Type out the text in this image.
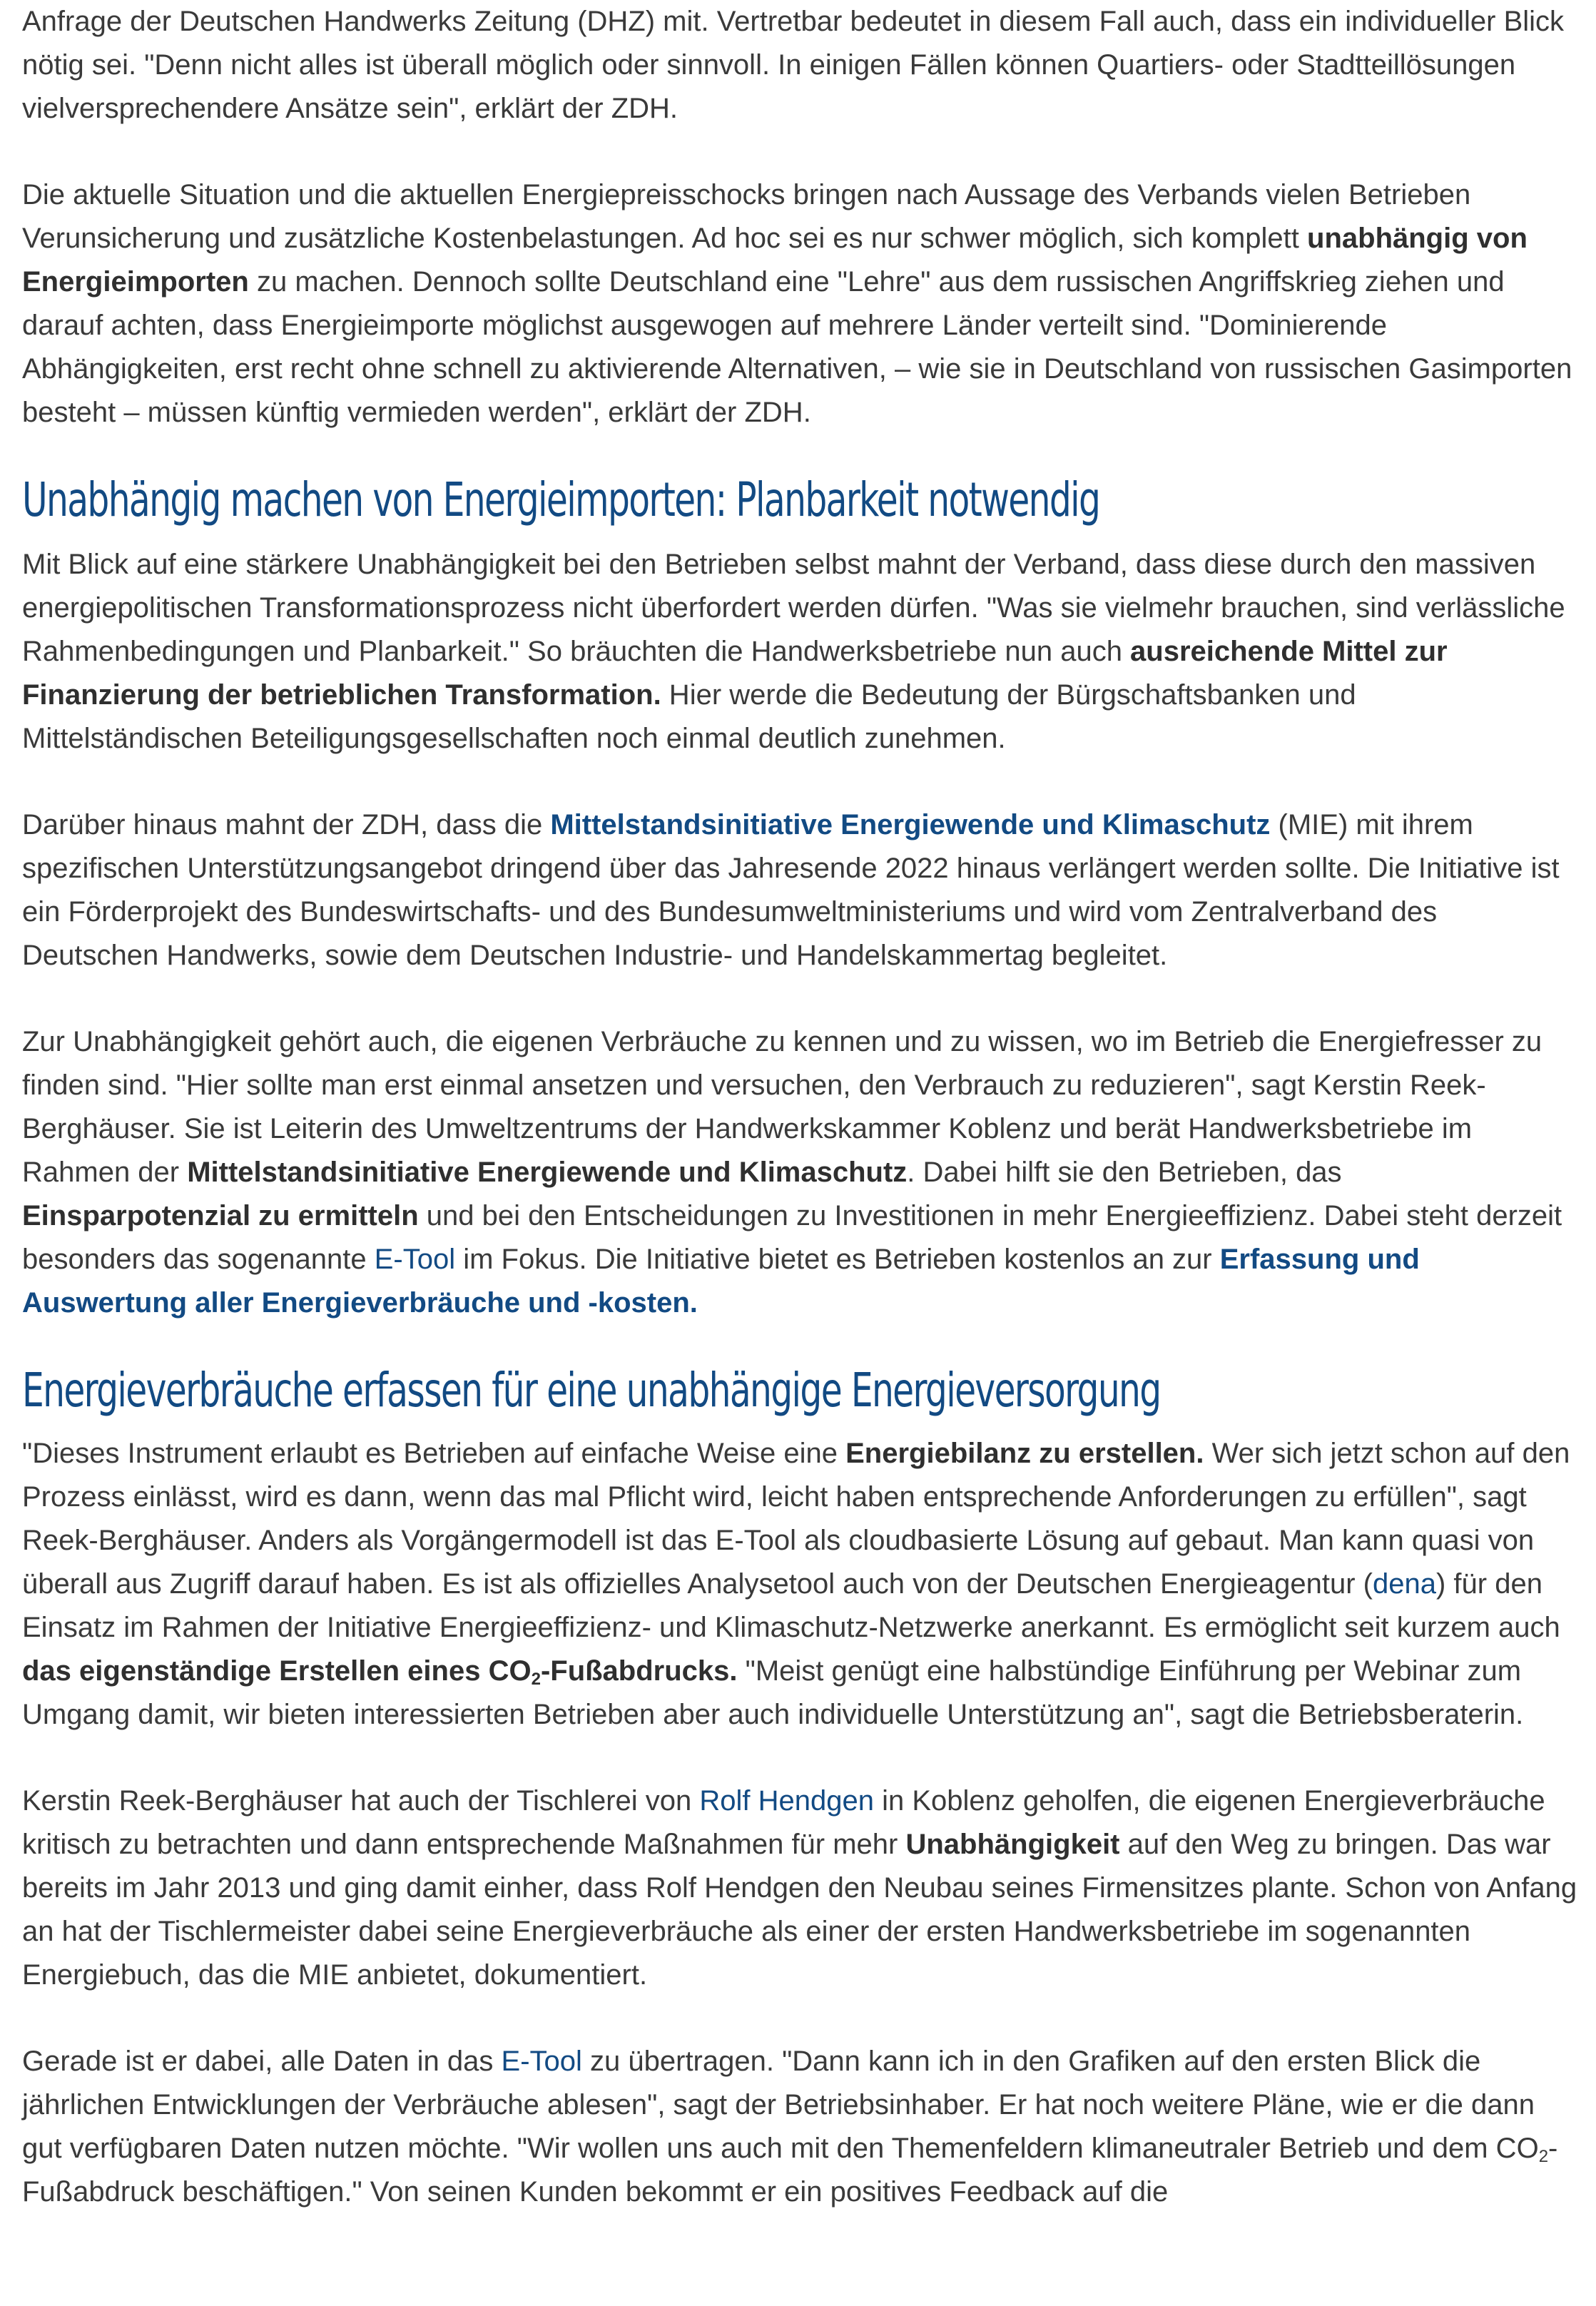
Anfrage der Deutschen Handwerks Zeitung (DHZ) mit. Vertretbar bedeutet in diesem Fall auch, dass ein individueller Blick nötig sei. "Denn nicht alles ist überall möglich oder sinnvoll. In einigen Fällen können Quartiers- oder Stadtteillösungen vielversprechendere Ansätze sein", erklärt der ZDH.

Die aktuelle Situation und die aktuellen Energiepreisschocks bringen nach Aussage des Verbands vielen Betrieben Verunsicherung und zusätzliche Kostenbelastungen. Ad hoc sei es nur schwer möglich, sich komplett unabhängig von Energieimporten zu machen. Dennoch sollte Deutschland eine "Lehre" aus dem russischen Angriffskrieg ziehen und darauf achten, dass Energieimporte möglichst ausgewogen auf mehrere Länder verteilt sind. "Dominierende Abhängigkeiten, erst recht ohne schnell zu aktivierende Alternativen, – wie sie in Deutschland von russischen Gasimporten besteht – müssen künftig vermieden werden", erklärt der ZDH.

Unabhängig machen von Energieimporten: Planbarkeit notwendig

Mit Blick auf eine stärkere Unabhängigkeit bei den Betrieben selbst mahnt der Verband, dass diese durch den massiven energiepolitischen Transformationsprozess nicht überfordert werden dürfen. "Was sie vielmehr brauchen, sind verlässliche Rahmenbedingungen und Planbarkeit." So bräuchten die Handwerksbetriebe nun auch ausreichende Mittel zur Finanzierung der betrieblichen Transformation. Hier werde die Bedeutung der Bürgschaftsbanken und Mittelständischen Beteiligungsgesellschaften noch einmal deutlich zunehmen.

Darüber hinaus mahnt der ZDH, dass die Mittelstandsinitiative Energiewende und Klimaschutz (MIE) mit ihrem spezifischen Unterstützungsangebot dringend über das Jahresende 2022 hinaus verlängert werden sollte. Die Initiative ist ein Förderprojekt des Bundeswirtschafts- und des Bundesumweltministeriums und wird vom Zentralverband des Deutschen Handwerks, sowie dem Deutschen Industrie- und Handelskammertag begleitet.

Zur Unabhängigkeit gehört auch, die eigenen Verbräuche zu kennen und zu wissen, wo im Betrieb die Energiefresser zu finden sind. "Hier sollte man erst einmal ansetzen und versuchen, den Verbrauch zu reduzieren", sagt Kerstin Reek-Berghäuser. Sie ist Leiterin des Umweltzentrums der Handwerkskammer Koblenz und berät Handwerksbetriebe im Rahmen der Mittelstandsinitiative Energiewende und Klimaschutz. Dabei hilft sie den Betrieben, das Einsparpotenzial zu ermitteln und bei den Entscheidungen zu Investitionen in mehr Energieeffizienz. Dabei steht derzeit besonders das sogenannte E-Tool im Fokus. Die Initiative bietet es Betrieben kostenlos an zur Erfassung und Auswertung aller Energieverbräuche und -kosten.

Energieverbräuche erfassen für eine unabhängige Energieversorgung

"Dieses Instrument erlaubt es Betrieben auf einfache Weise eine Energiebilanz zu erstellen. Wer sich jetzt schon auf den Prozess einlässt, wird es dann, wenn das mal Pflicht wird, leicht haben entsprechende Anforderungen zu erfüllen", sagt Reek-Berghäuser. Anders als Vorgängermodell ist das E-Tool als cloudbasierte Lösung auf gebaut. Man kann quasi von überall aus Zugriff darauf haben. Es ist als offizielles Analysetool auch von der Deutschen Energieagentur (dena) für den Einsatz im Rahmen der Initiative Energieeffizienz- und Klimaschutz-Netzwerke anerkannt. Es ermöglicht seit kurzem auch das eigenständige Erstellen eines $CO_2$-Fußabdrucks. "Meist genügt eine halbstündige Einführung per Webinar zum Umgang damit, wir bieten interessierten Betrieben aber auch individuelle Unterstützung an", sagt die Betriebsberaterin.

Kerstin Reek-Berghäuser hat auch der Tischlerei von Rolf Hendgen in Koblenz geholfen, die eigenen Energieverbräuche kritisch zu betrachten und dann entsprechende Maßnahmen für mehr Unabhängigkeit auf den Weg zu bringen. Das war bereits im Jahr 2013 und ging damit einher, dass Rolf Hendgen den Neubau seines Firmensitzes plante. Schon von Anfang an hat der Tischlermeister dabei seine Energieverbräuche als einer der ersten Handwerksbetriebe im sogenannten Energiebuch, das die MIE anbietet, dokumentiert.

Gerade ist er dabei, alle Daten in das E-Tool zu übertragen. "Dann kann ich in den Grafiken auf den ersten Blick die jährlichen Entwicklungen der Verbräuche ablesen", sagt der Betriebsinhaber. Er hat noch weitere Pläne, wie er die dann gut verfügbaren Daten nutzen möchte. "Wir wollen uns auch mit den Themenfeldern klimaneutraler Betrieb und dem $CO_2$-Fußabdruck beschäftigen." Von seinen Kunden bekommt er ein positives Feedback auf die
